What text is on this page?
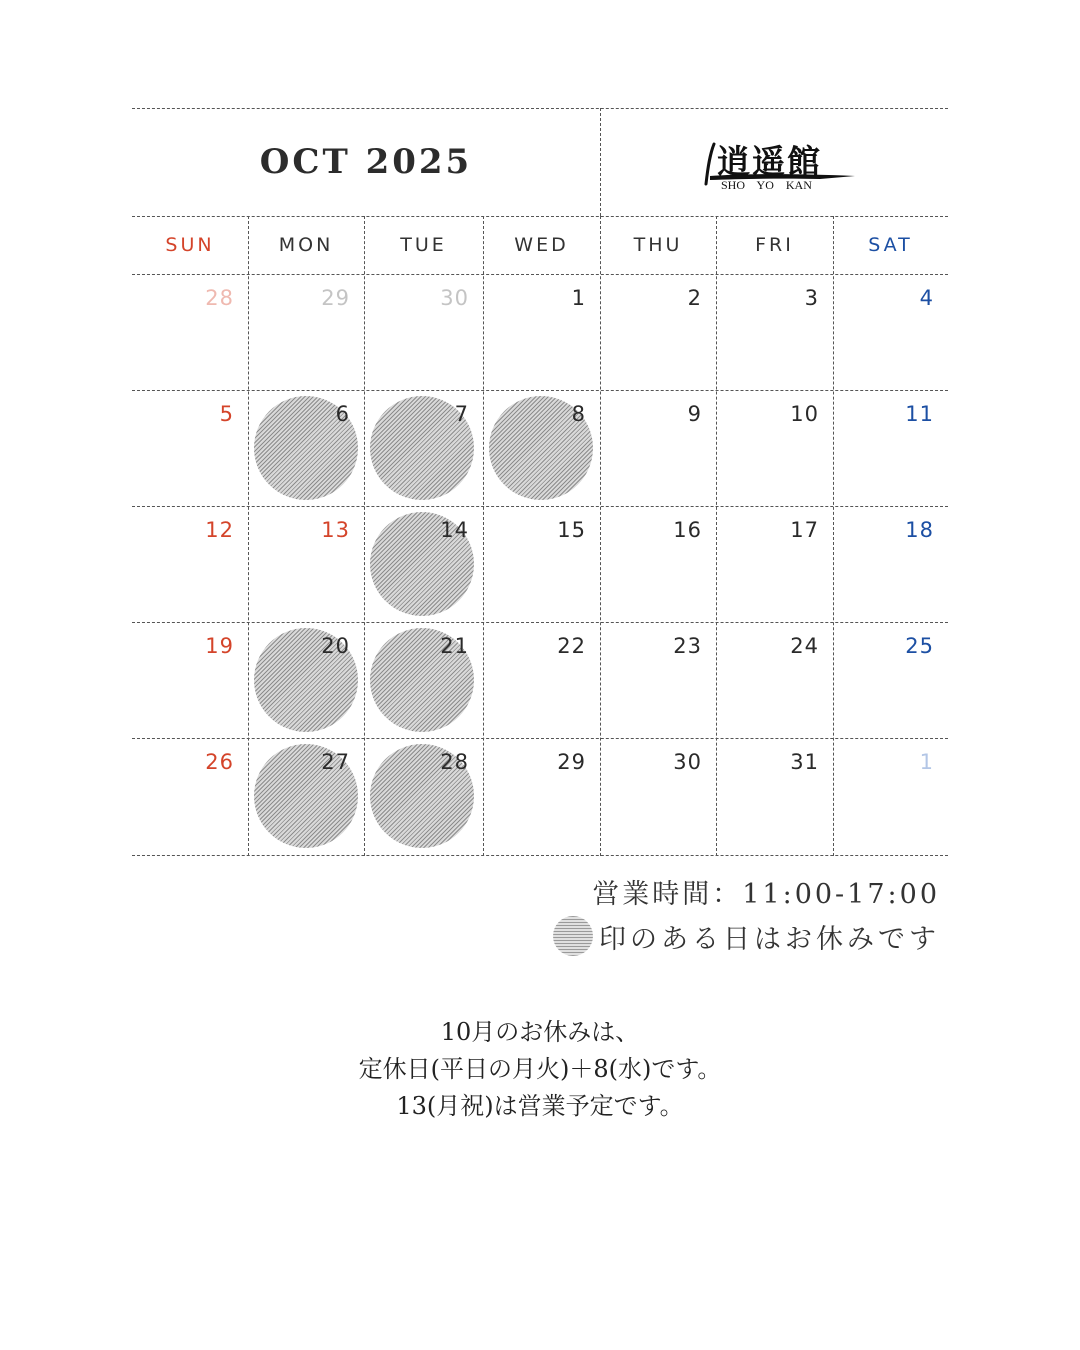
OCT 2025	逍遥館
SHO YO KAN
SUN	MON	TUE	WED	THU	FRI	SAT
28	29	30	1	2	3	4
5	6	7	8	9	10	11
12	13	14	15	16	17	18
19	20	21	22	23	24	25
26	27	28	29	30	31	1
営業時間：11:00-17:00
印のある日はお休みです
10月のお休みは、
定休日(平日の月火)＋8(水)です。
13(月祝)は営業予定です。
